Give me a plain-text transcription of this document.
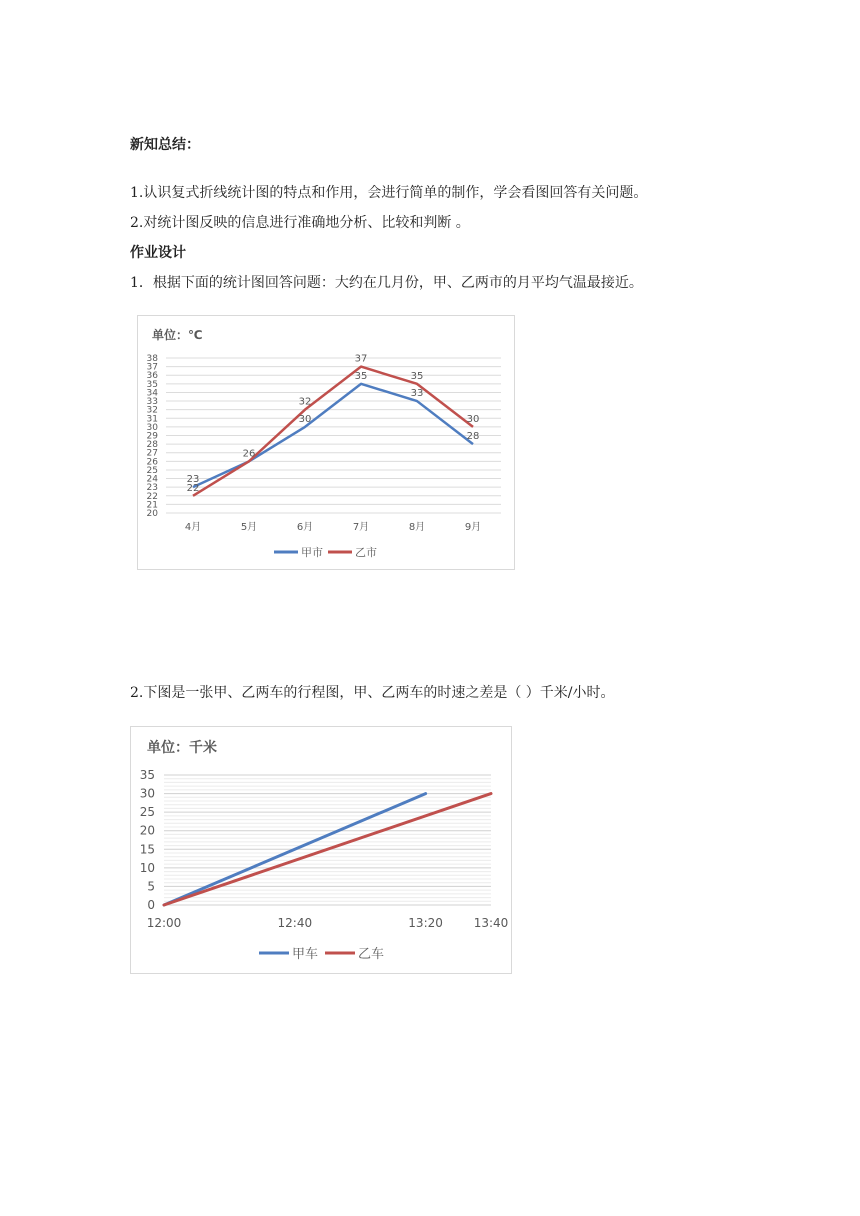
新知总结：
1.认识复式折线统计图的特点和作用，会进行简单的制作，学会看图回答有关问题。
2.对统计图反映的信息进行准确地分析、比较和判断 。
作业设计
1．根据下面的统计图回答问题：大约在几月份，甲、乙两市的月平均气温最接近。
单位：℃
20
21
22
23
24
25
26
27
28
29
30
31
32
33
34
35
36
37
38
4月	5月	6月	7月	8月	9月
23
22
26
32
30
37
35	35
33
30
28
甲市	乙市
2.下图是一张甲、乙两车的行程图，甲、乙两车的时速之差是（ ）千米/小时。
单位：千米
0
5
10
15
20
25
30
35
12:00	12:40	13:20	13:40
甲车	乙车
